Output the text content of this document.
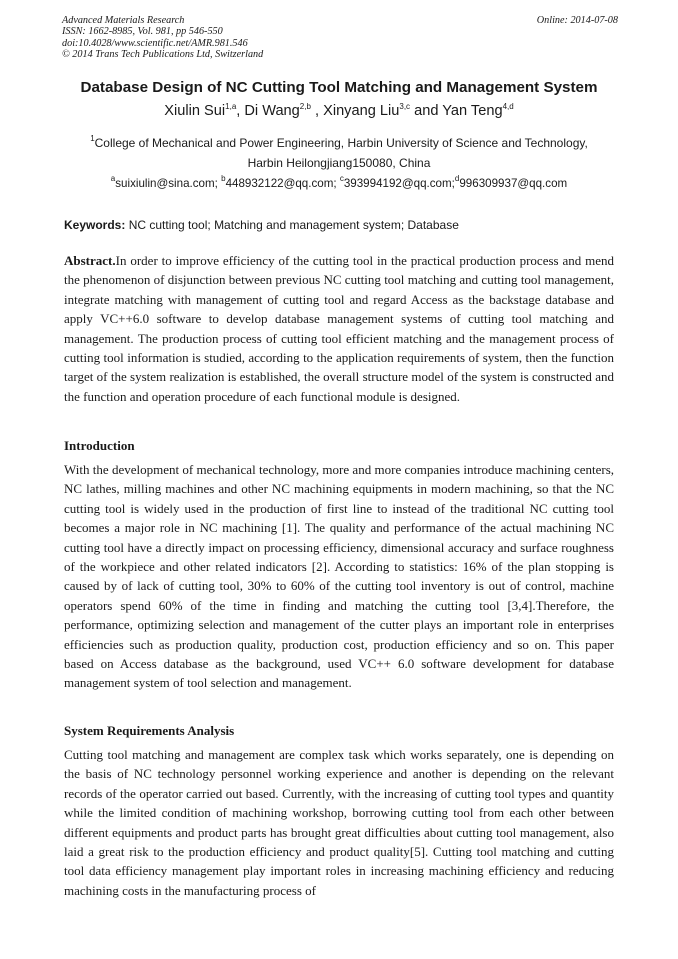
Advanced Materials Research
ISSN: 1662-8985, Vol. 981, pp 546-550
doi:10.4028/www.scientific.net/AMR.981.546
© 2014 Trans Tech Publications Ltd, Switzerland
Online: 2014-07-08
Database Design of NC Cutting Tool Matching and Management System
Xiulin Sui$^{1,a}$, Di Wang$^{2,b}$ , Xinyang Liu$^{3,c}$ and Yan Teng$^{4,d}$
$^1$College of Mechanical and Power Engineering, Harbin University of Science and Technology,
Harbin Heilongjiang150080, China
$^a$suixiulin@sina.com; $^b$448932122@qq.com; $^c$393994192@qq.com;$^d$996309937@qq.com
Keywords: NC cutting tool; Matching and management system; Database
Abstract.In order to improve efficiency of the cutting tool in the practical production process and mend the phenomenon of disjunction between previous NC cutting tool matching and cutting tool management, integrate matching with management of cutting tool and regard Access as the backstage database and apply VC++6.0 software to develop database management systems of cutting tool matching and management. The production process of cutting tool efficient matching and the management process of cutting tool information is studied, according to the application requirements of system, then the function target of the system realization is established, the overall structure model of the system is constructed and the function and operation procedure of each functional module is designed.
Introduction
With the development of mechanical technology, more and more companies introduce machining centers, NC lathes, milling machines and other NC machining equipments in modern machining, so that the NC cutting tool is widely used in the production of first line to instead of the traditional NC cutting tool becomes a major role in NC machining [1]. The quality and performance of the actual machining NC cutting tool have a directly impact on processing efficiency, dimensional accuracy and surface roughness of the workpiece and other related indicators [2]. According to statistics: 16% of the plan stopping is caused by of lack of cutting tool, 30% to 60% of the cutting tool inventory is out of control, machine operators spend 60% of the time in finding and matching the cutting tool [3,4].Therefore, the performance, optimizing selection and management of the cutter plays an important role in enterprises efficiencies such as production quality, production cost, production efficiency and so on. This paper based on Access database as the background, used VC++ 6.0 software development for database management system of tool selection and management.
System Requirements Analysis
Cutting tool matching and management are complex task which works separately, one is depending on the basis of NC technology personnel working experience and another is depending on the relevant records of the operator carried out based. Currently, with the increasing of cutting tool types and quantity while the limited condition of machining workshop, borrowing cutting tool from each other between different equipments and product parts has brought great difficulties about cutting tool management, also laid a great risk to the production efficiency and product quality[5]. Cutting tool matching and cutting tool data efficiency management play important roles in increasing machining efficiency and reducing machining costs in the manufacturing process of
